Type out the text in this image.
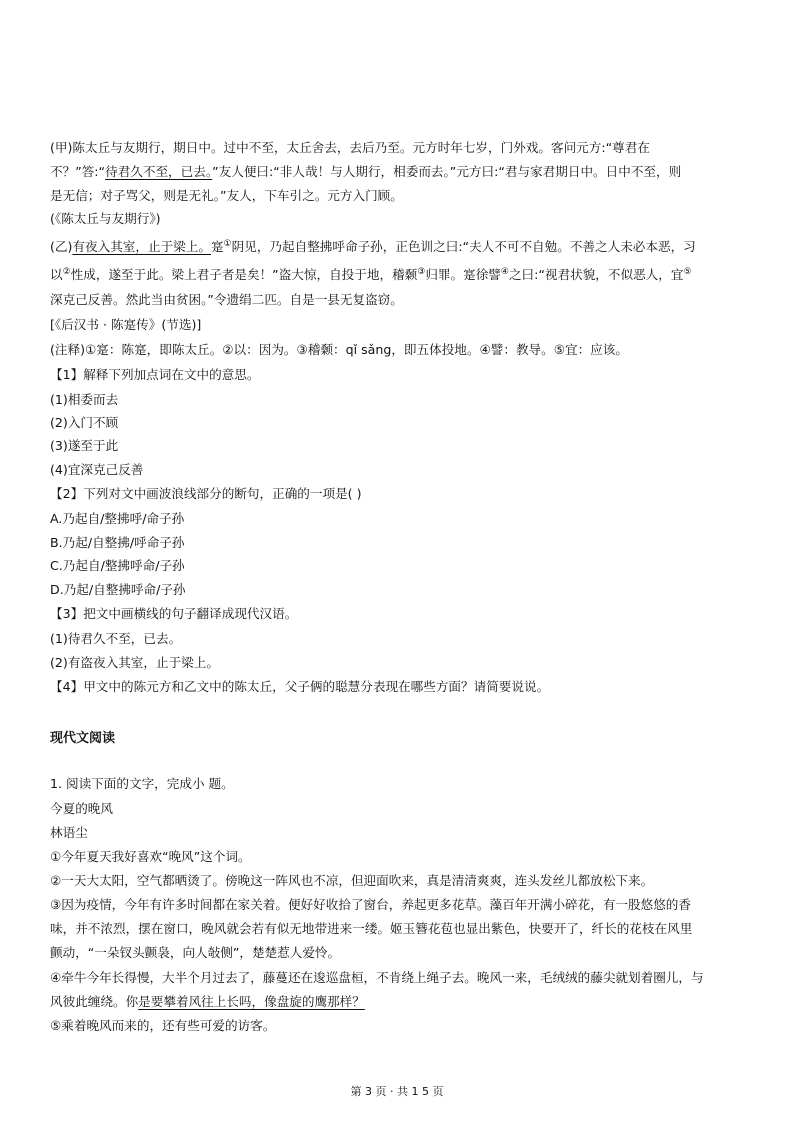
(甲)陈太丘与友期行，期日中。过中不至，太丘舍去，去后乃至。元方时年七岁，门外戏。客问元方:“尊君在
不？”答:“待君久不至，已去。”友人便曰:“非人哉！与人期行，相委而去。”元方曰:“君与家君期日中。日中不至，则
是无信；对子骂父，则是无礼。”友人，下车引之。元方入门顾。
(《陈太丘与友期行》)
(乙)有夜入其室，止于梁上。寔①阴见，乃起自整拂呼命子孙，正色训之曰:“夫人不可不自勉。不善之人未必本恶，习
以②性成，遂至于此。梁上君子者是矣！”盗大惊，自投于地，稽颡③归罪。寔徐譬④之曰:“视君状貌，不似恶人，宜⑤
深克己反善。然此当由贫困。”令遗绢二匹。自是一县无复盗窃。
[《后汉书 · 陈寔传》(节选)]
(注释)①寔：陈寔，即陈太丘。②以：因为。③稽颡：qǐ sǎng，即五体投地。④譬：教导。⑤宜：应该。
【1】解释下列加点词在文中的意思。
(1)相委而去
(2)入门不顾
(3)遂至于此
(4)宜深克己反善
【2】下列对文中画波浪线部分的断句，正确的一项是( )
A.乃起自/整拂呼/命子孙
B.乃起/自整拂/呼命子孙
C.乃起自/整拂呼命/子孙
D.乃起/自整拂呼命/子孙
【3】把文中画横线的句子翻译成现代汉语。
(1)待君久不至，已去。
(2)有盗夜入其室，止于梁上。
【4】甲文中的陈元方和乙文中的陈太丘，父子俩的聪慧分表现在哪些方面？请简要说说。
现代文阅读
1. 阅读下面的文字，完成小 题。
今夏的晚风
林语尘
①今年夏天我好喜欢“晚风”这个词。
②一天大太阳，空气都晒烫了。傍晚这一阵风也不凉，但迎面吹来，真是清清爽爽，连头发丝儿都放松下来。
③因为疫情，今年有许多时间都在家关着。便好好收拾了窗台，养起更多花草。藻百年开满小碎花，有一股悠悠的香
味，并不浓烈，摆在窗口，晚风就会若有似无地带进来一缕。姬玉簪花苞也显出紫色，快要开了，纤长的花枝在风里
颤动，“一朵钗头颤袅，向人敧侧”，楚楚惹人爱怜。
④牵牛今年长得慢，大半个月过去了，藤蔓还在逡巡盘桓，不肯绕上绳子去。晚风一来，毛绒绒的藤尖就划着圈儿，与
风彼此缠绕。你是要攀着风往上长吗，像盘旋的鹰那样？
⑤乘着晚风而来的，还有些可爱的访客。
第 3 页 · 共 1 5 页
